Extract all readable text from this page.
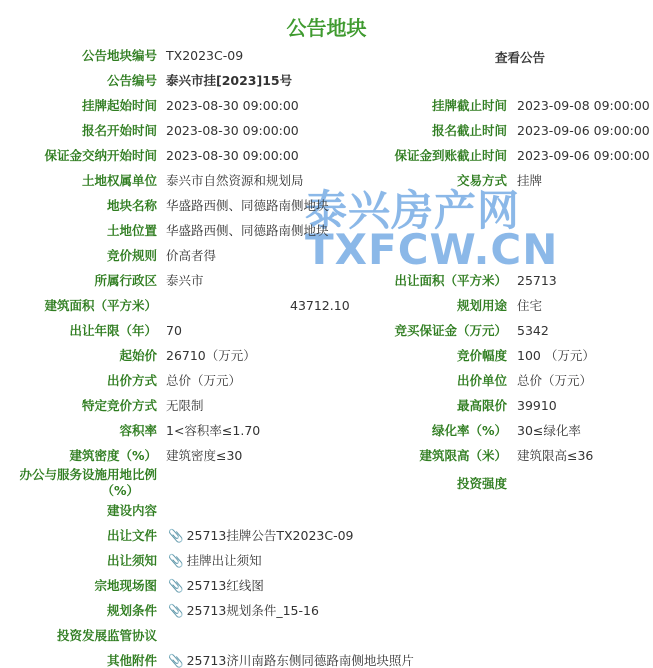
公告地块
泰兴房产网
TXFCW.CN
公告地块编号
公告编号
挂牌起始时间
报名开始时间
保证金交纳开始时间
土地权属单位
地块名称
土地位置
竞价规则
所属行政区
建筑面积（平方米）
出让年限（年）
起始价
出价方式
特定竞价方式
容积率
建筑密度（%）
办公与服务设施用地比例
（%）
建设内容
出让文件
出让须知
宗地现场图
规划条件
投资发展监管协议
其他附件
TX2023C-09
泰兴市挂[2023]15号
2023-08-30 09:00:00
2023-08-30 09:00:00
2023-08-30 09:00:00
泰兴市自然资源和规划局
华盛路西侧、同德路南侧地块
华盛路西侧、同德路南侧地块
价高者得
泰兴市
43712.10
70
26710（万元）
总价（万元）
无限制
1<容积率≤1.70
建筑密度≤30
📎 25713挂牌公告TX2023C-09
📎 挂牌出让须知
📎 25713红线图
📎 25713规划条件_15-16
📎 25713济川南路东侧同德路南侧地块照片
查看公告
挂牌截止时间
报名截止时间
保证金到账截止时间
交易方式
出让面积（平方米）
规划用途
竞买保证金（万元）
竞价幅度
出价单位
最高限价
绿化率（%）
建筑限高（米）
投资强度
2023-09-08 09:00:00
2023-09-06 09:00:00
2023-09-06 09:00:00
挂牌
25713
住宅
5342
100 （万元）
总价（万元）
39910
30≤绿化率
建筑限高≤36
